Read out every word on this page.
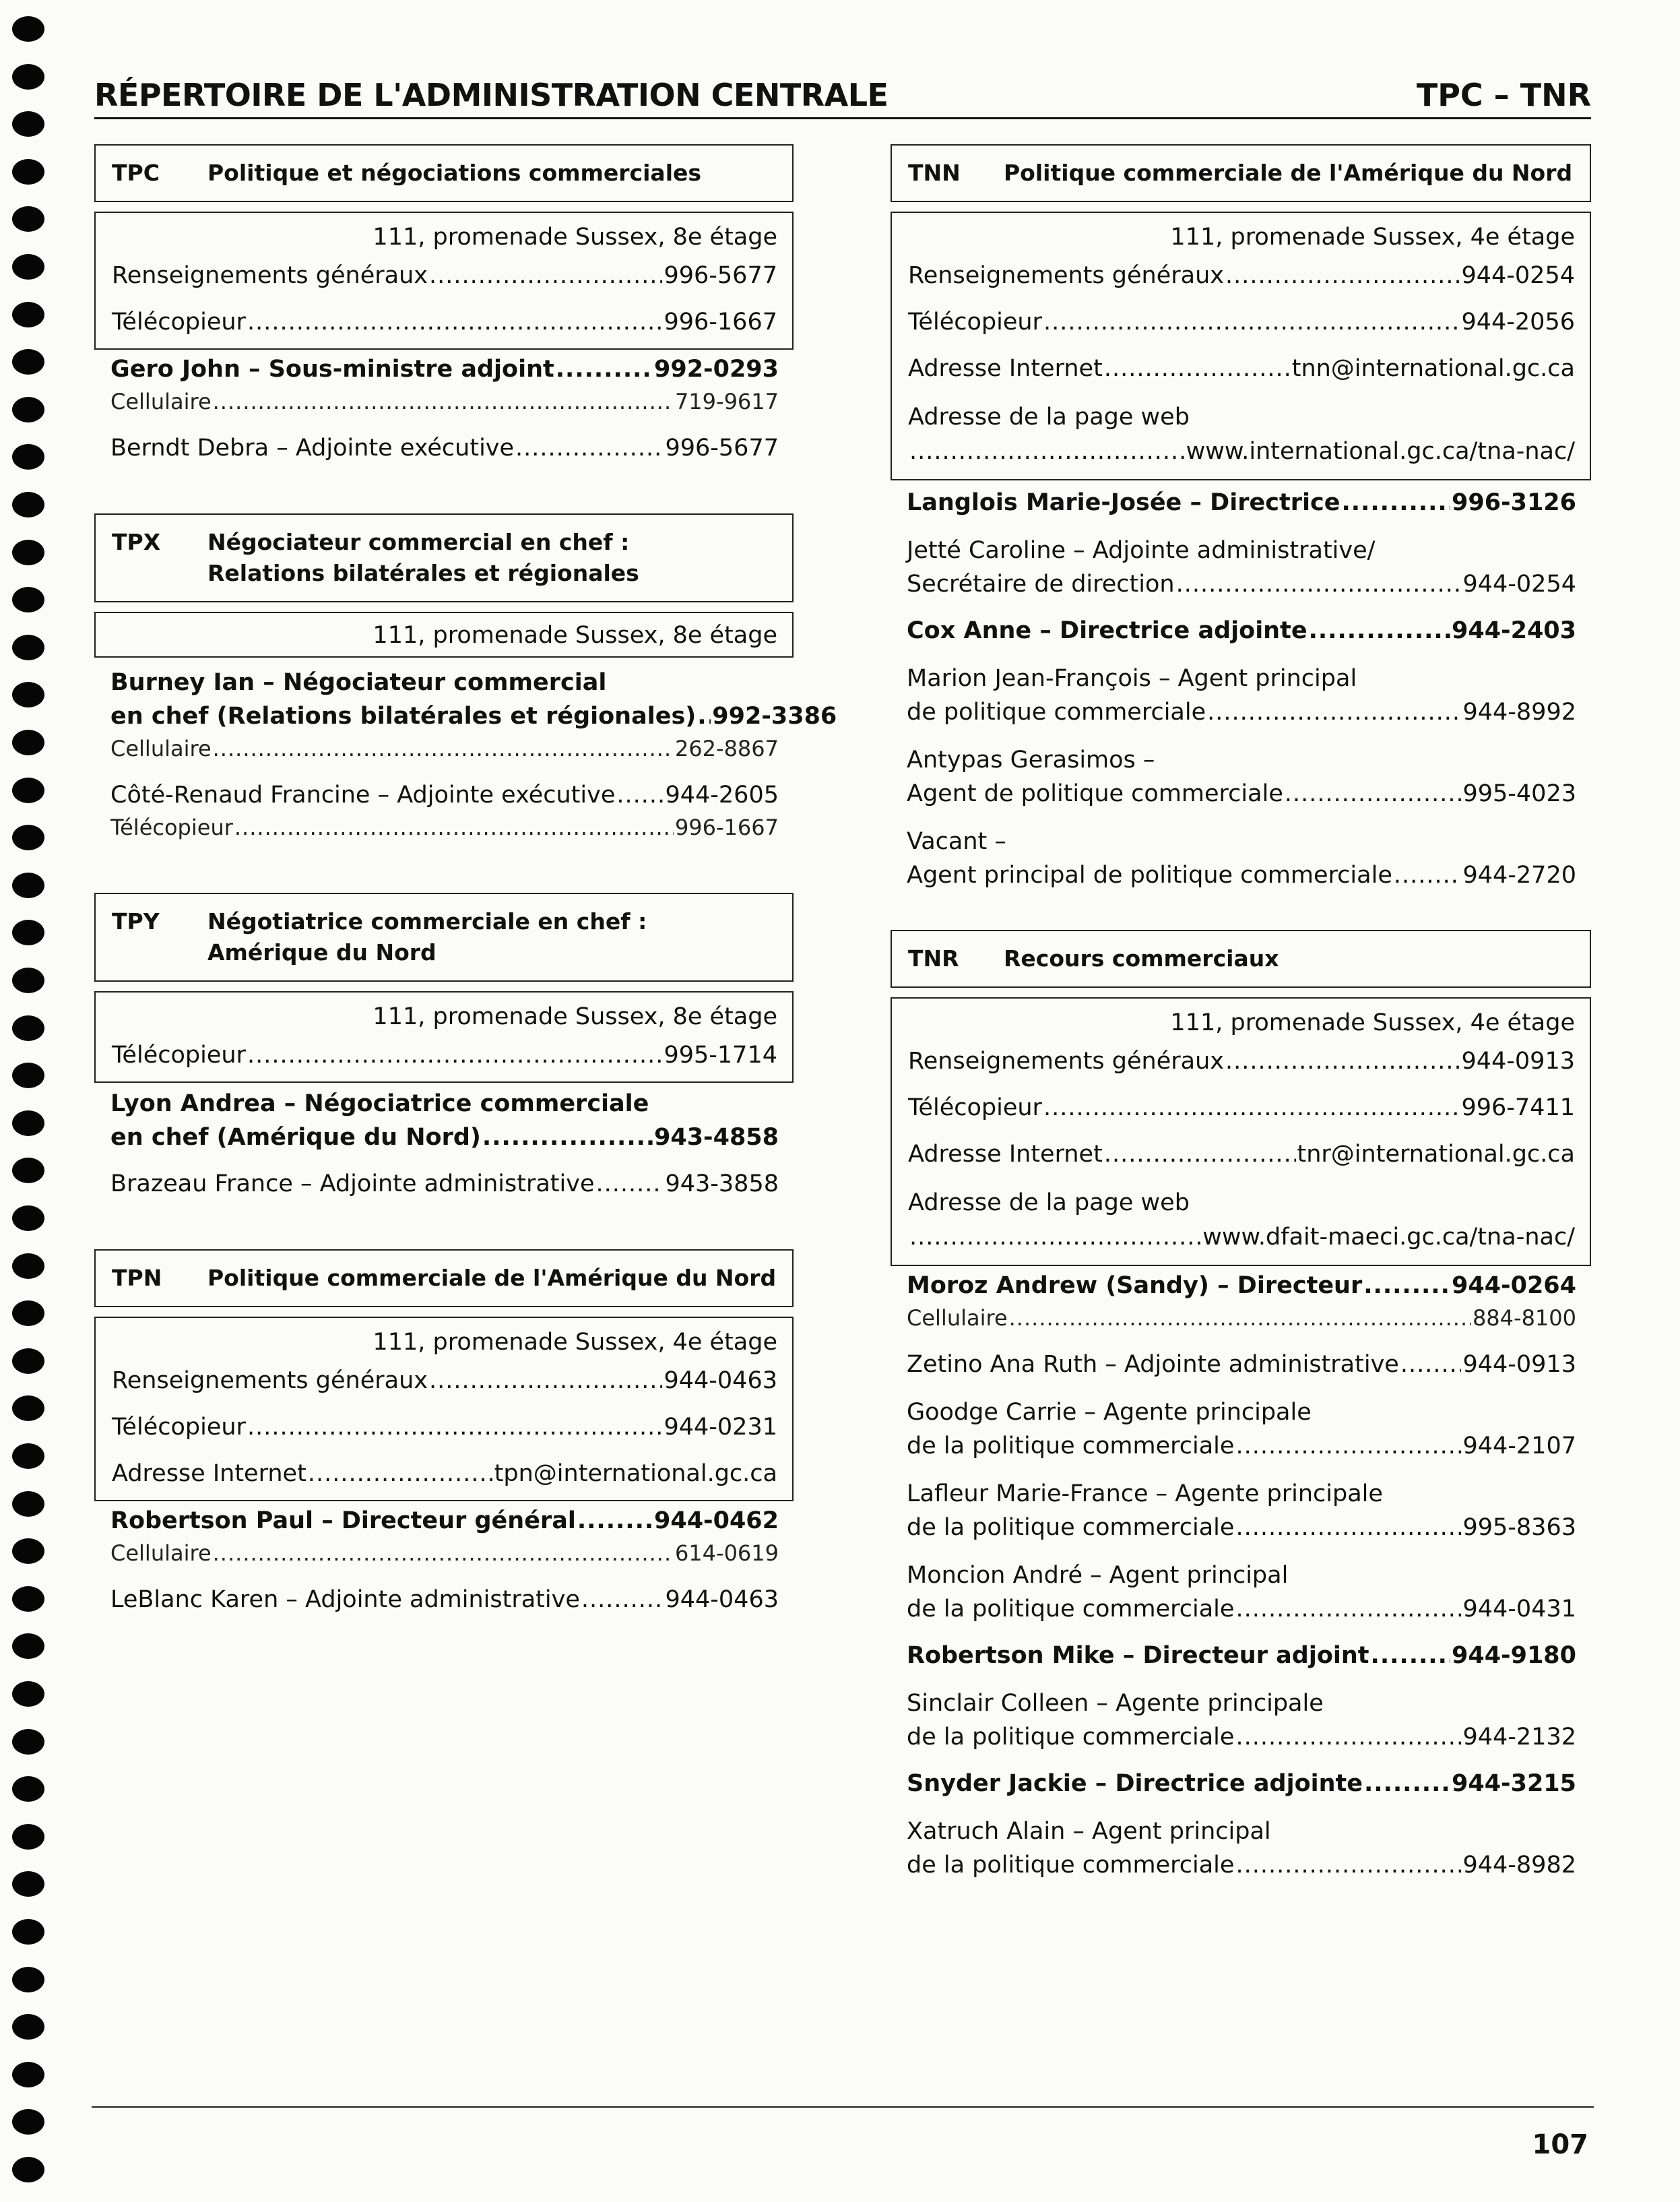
RÉPERTOIRE DE L'ADMINISTRATION CENTRALE	TPC – TNR
TPC	Politique et négociations commerciales
111, promenade Sussex, 8e étage
Renseignements généraux .....	996-5677
Télécopieur .....	996-1667
Gero John – Sous-ministre adjoint .....	992-0293
Cellulaire .....	719-9617
Berndt Debra – Adjointe exécutive .....	996-5677
TPX	Négociateur commercial en chef :
Relations bilatérales et régionales
111, promenade Sussex, 8e étage
Burney Ian – Négociateur commercial
en chef (Relations bilatérales et régionales) ..... 992-3386
Cellulaire .....	262-8867
Côté-Renaud Francine – Adjointe exécutive ..... 944-2605
Télécopieur .....	996-1667
TPY	Négotiatrice commerciale en chef :
Amérique du Nord
111, promenade Sussex, 8e étage
Télécopieur .....	995-1714
Lyon Andrea – Négociatrice commerciale
en chef (Amérique du Nord) .....	943-4858
Brazeau France – Adjointe administrative .....	943-3858
TPN	Politique commerciale de l'Amérique du Nord
111, promenade Sussex, 4e étage
Renseignements généraux .....	944-0463
Télécopieur .....	944-0231
Adresse Internet .....	tpn@international.gc.ca
Robertson Paul – Directeur général .....	944-0462
Cellulaire .....	614-0619
LeBlanc Karen – Adjointe administrative .....	944-0463
TNN	Politique commerciale de l'Amérique du Nord
111, promenade Sussex, 4e étage
Renseignements généraux .....	944-0254
Télécopieur .....	944-2056
Adresse Internet .....	tnn@international.gc.ca
Adresse de la page web
.....
www.international.gc.ca/tna-nac/
Langlois Marie-Josée – Directrice .....	996-3126
Jetté Caroline – Adjointe administrative/
Secrétaire de direction .....	944-0254
Cox Anne – Directrice adjointe .....	944-2403
Marion Jean-François – Agent principal
de politique commerciale .....	944-8992
Antypas Gerasimos –
Agent de politique commerciale .....	995-4023
Vacant –
Agent principal de politique commerciale .....	944-2720
TNR	Recours commerciaux
111, promenade Sussex, 4e étage
Renseignements généraux .....	944-0913
Télécopieur .....	996-7411
Adresse Internet .....	tnr@international.gc.ca
Adresse de la page web
.....
www.dfait-maeci.gc.ca/tna-nac/
Moroz Andrew (Sandy) – Directeur .....	944-0264
Cellulaire .....	884-8100
Zetino Ana Ruth – Adjointe administrative .....	944-0913
Goodge Carrie – Agente principale
de la politique commerciale .....	944-2107
Lafleur Marie-France – Agente principale
de la politique commerciale .....	995-8363
Moncion André – Agent principal
de la politique commerciale .....	944-0431
Robertson Mike – Directeur adjoint .....	944-9180
Sinclair Colleen – Agente principale
de la politique commerciale .....	944-2132
Snyder Jackie – Directrice adjointe .....	944-3215
Xatruch Alain – Agent principal
de la politique commerciale .....	944-8982
107
